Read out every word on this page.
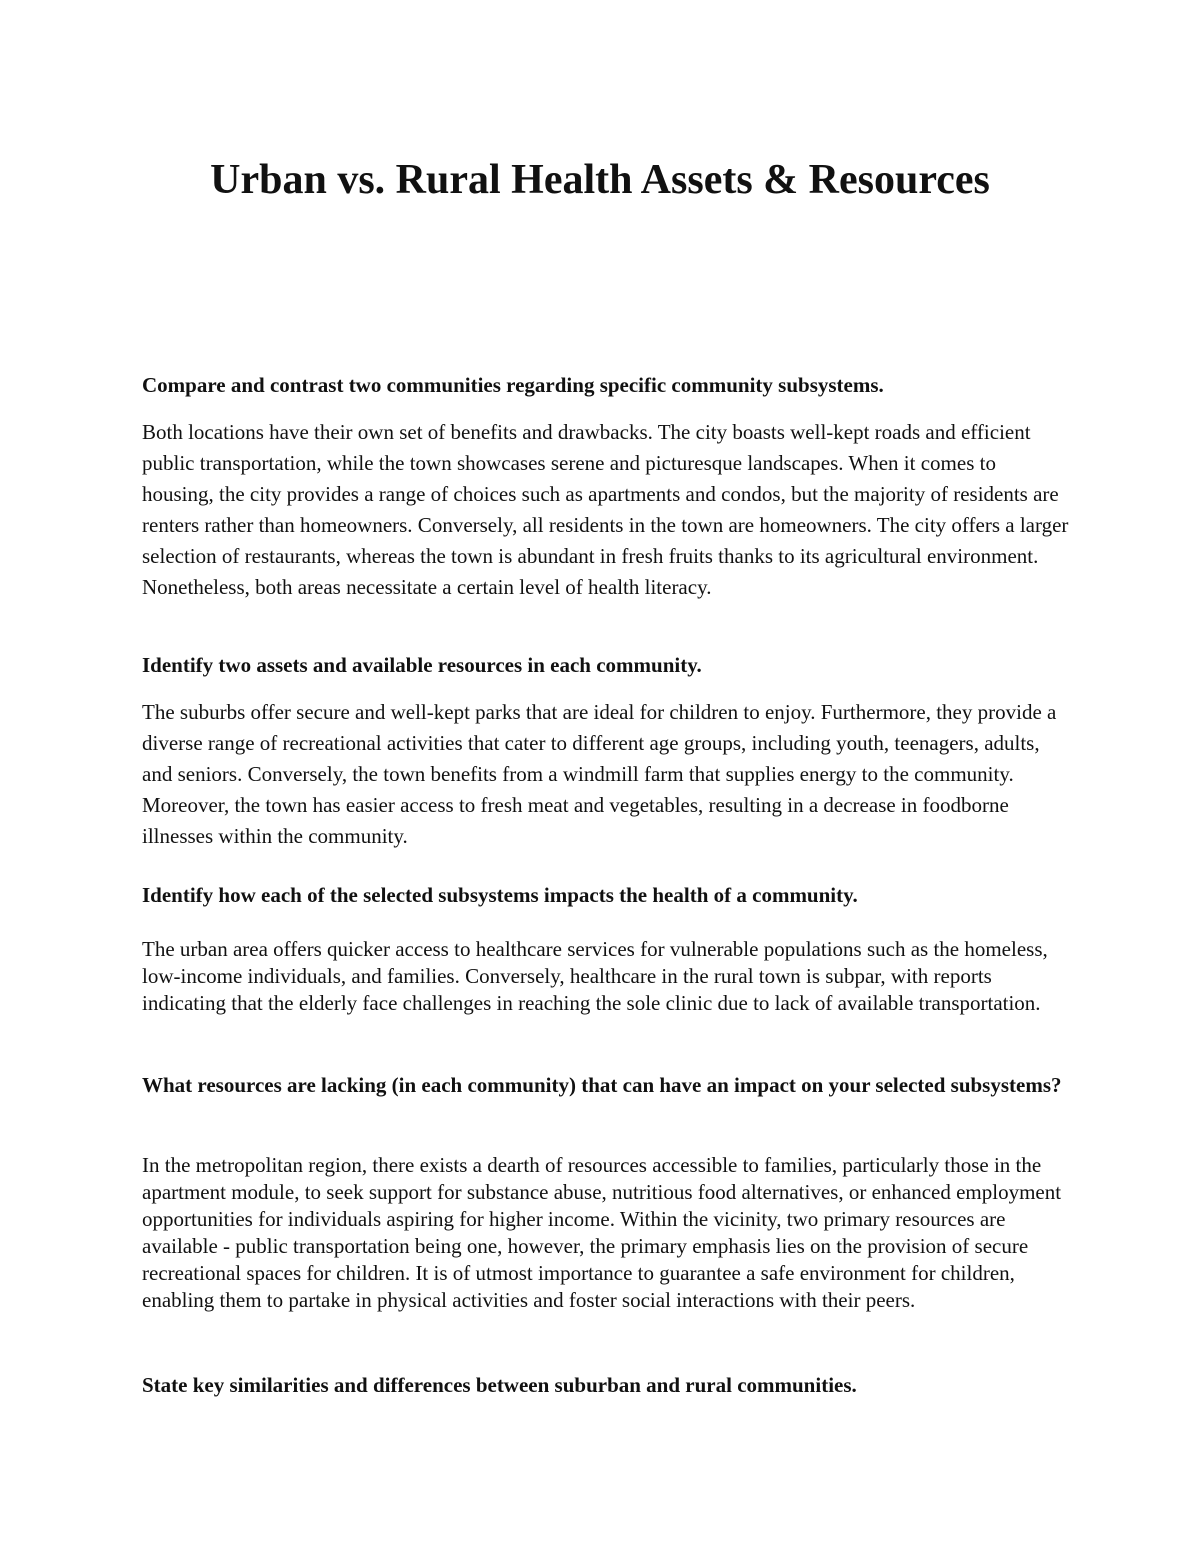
Urban vs. Rural Health Assets & Resources

Compare and contrast two communities regarding specific community subsystems.

Both locations have their own set of benefits and drawbacks. The city boasts well-kept roads and efficient public transportation, while the town showcases serene and picturesque landscapes. When it comes to housing, the city provides a range of choices such as apartments and condos, but the majority of residents are renters rather than homeowners. Conversely, all residents in the town are homeowners. The city offers a larger selection of restaurants, whereas the town is abundant in fresh fruits thanks to its agricultural environment. Nonetheless, both areas necessitate a certain level of health literacy.

Identify two assets and available resources in each community.

The suburbs offer secure and well-kept parks that are ideal for children to enjoy. Furthermore, they provide a diverse range of recreational activities that cater to different age groups, including youth, teenagers, adults, and seniors. Conversely, the town benefits from a windmill farm that supplies energy to the community. Moreover, the town has easier access to fresh meat and vegetables, resulting in a decrease in foodborne illnesses within the community.

Identify how each of the selected subsystems impacts the health of a community.

The urban area offers quicker access to healthcare services for vulnerable populations such as the homeless, low-income individuals, and families. Conversely, healthcare in the rural town is subpar, with reports indicating that the elderly face challenges in reaching the sole clinic due to lack of available transportation.

What resources are lacking (in each community) that can have an impact on your selected subsystems?

In the metropolitan region, there exists a dearth of resources accessible to families, particularly those in the apartment module, to seek support for substance abuse, nutritious food alternatives, or enhanced employment opportunities for individuals aspiring for higher income. Within the vicinity, two primary resources are available - public transportation being one, however, the primary emphasis lies on the provision of secure recreational spaces for children. It is of utmost importance to guarantee a safe environment for children, enabling them to partake in physical activities and foster social interactions with their peers.

State key similarities and differences between suburban and rural communities.
